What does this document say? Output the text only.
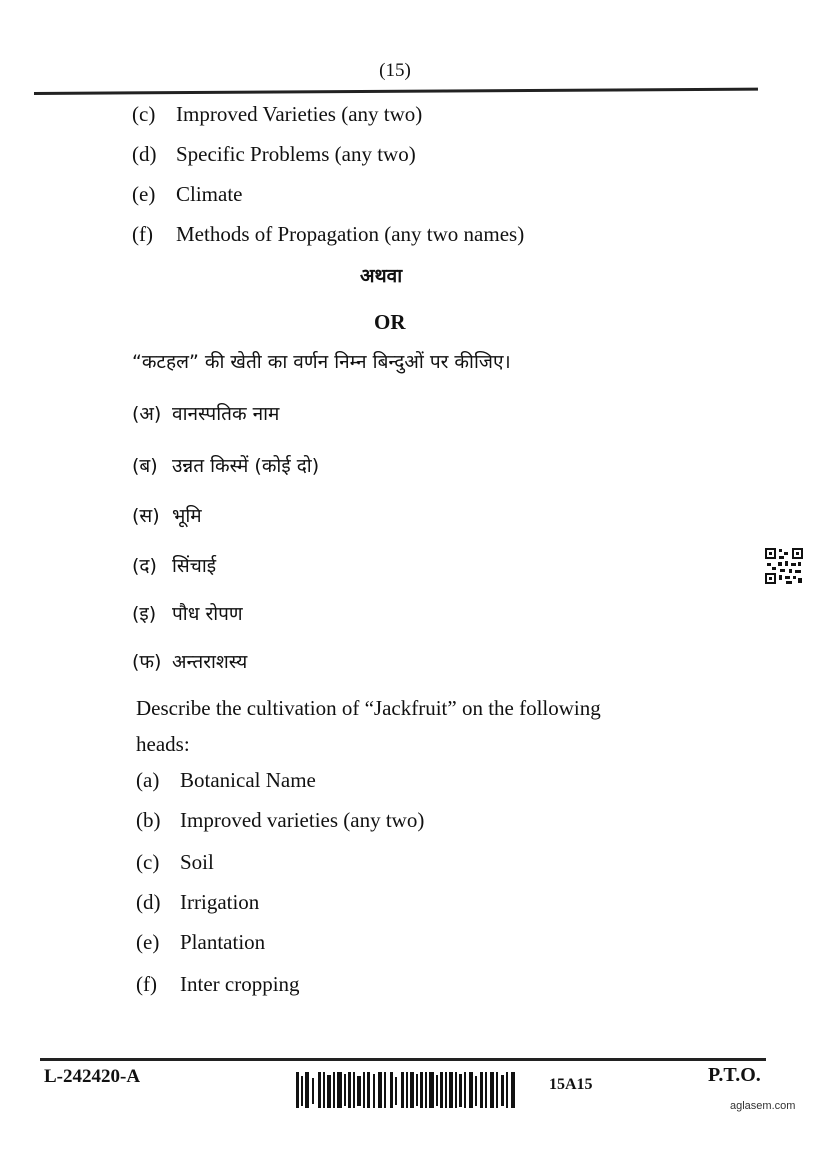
(15)
(c) Improved Varieties (any two)
(d) Specific Problems (any two)
(e) Climate
(f) Methods of Propagation (any two names)
अथवा
OR
“कटहल” की खेती का वर्णन निम्न बिन्दुओं पर कीजिए।
(अ) वानस्पतिक नाम
(ब) उन्नत किस्में (कोई दो)
(स) भूमि
(द) सिंचाई
(इ) पौध रोपण
(फ) अन्तराशस्य
Describe the cultivation of “Jackfruit” on the following
heads:
(a) Botanical Name
(b) Improved varieties (any two)
(c) Soil
(d) Irrigation
(e) Plantation
(f) Inter cropping
L-242420-A	15A15	P.T.O.
aglasem.com
